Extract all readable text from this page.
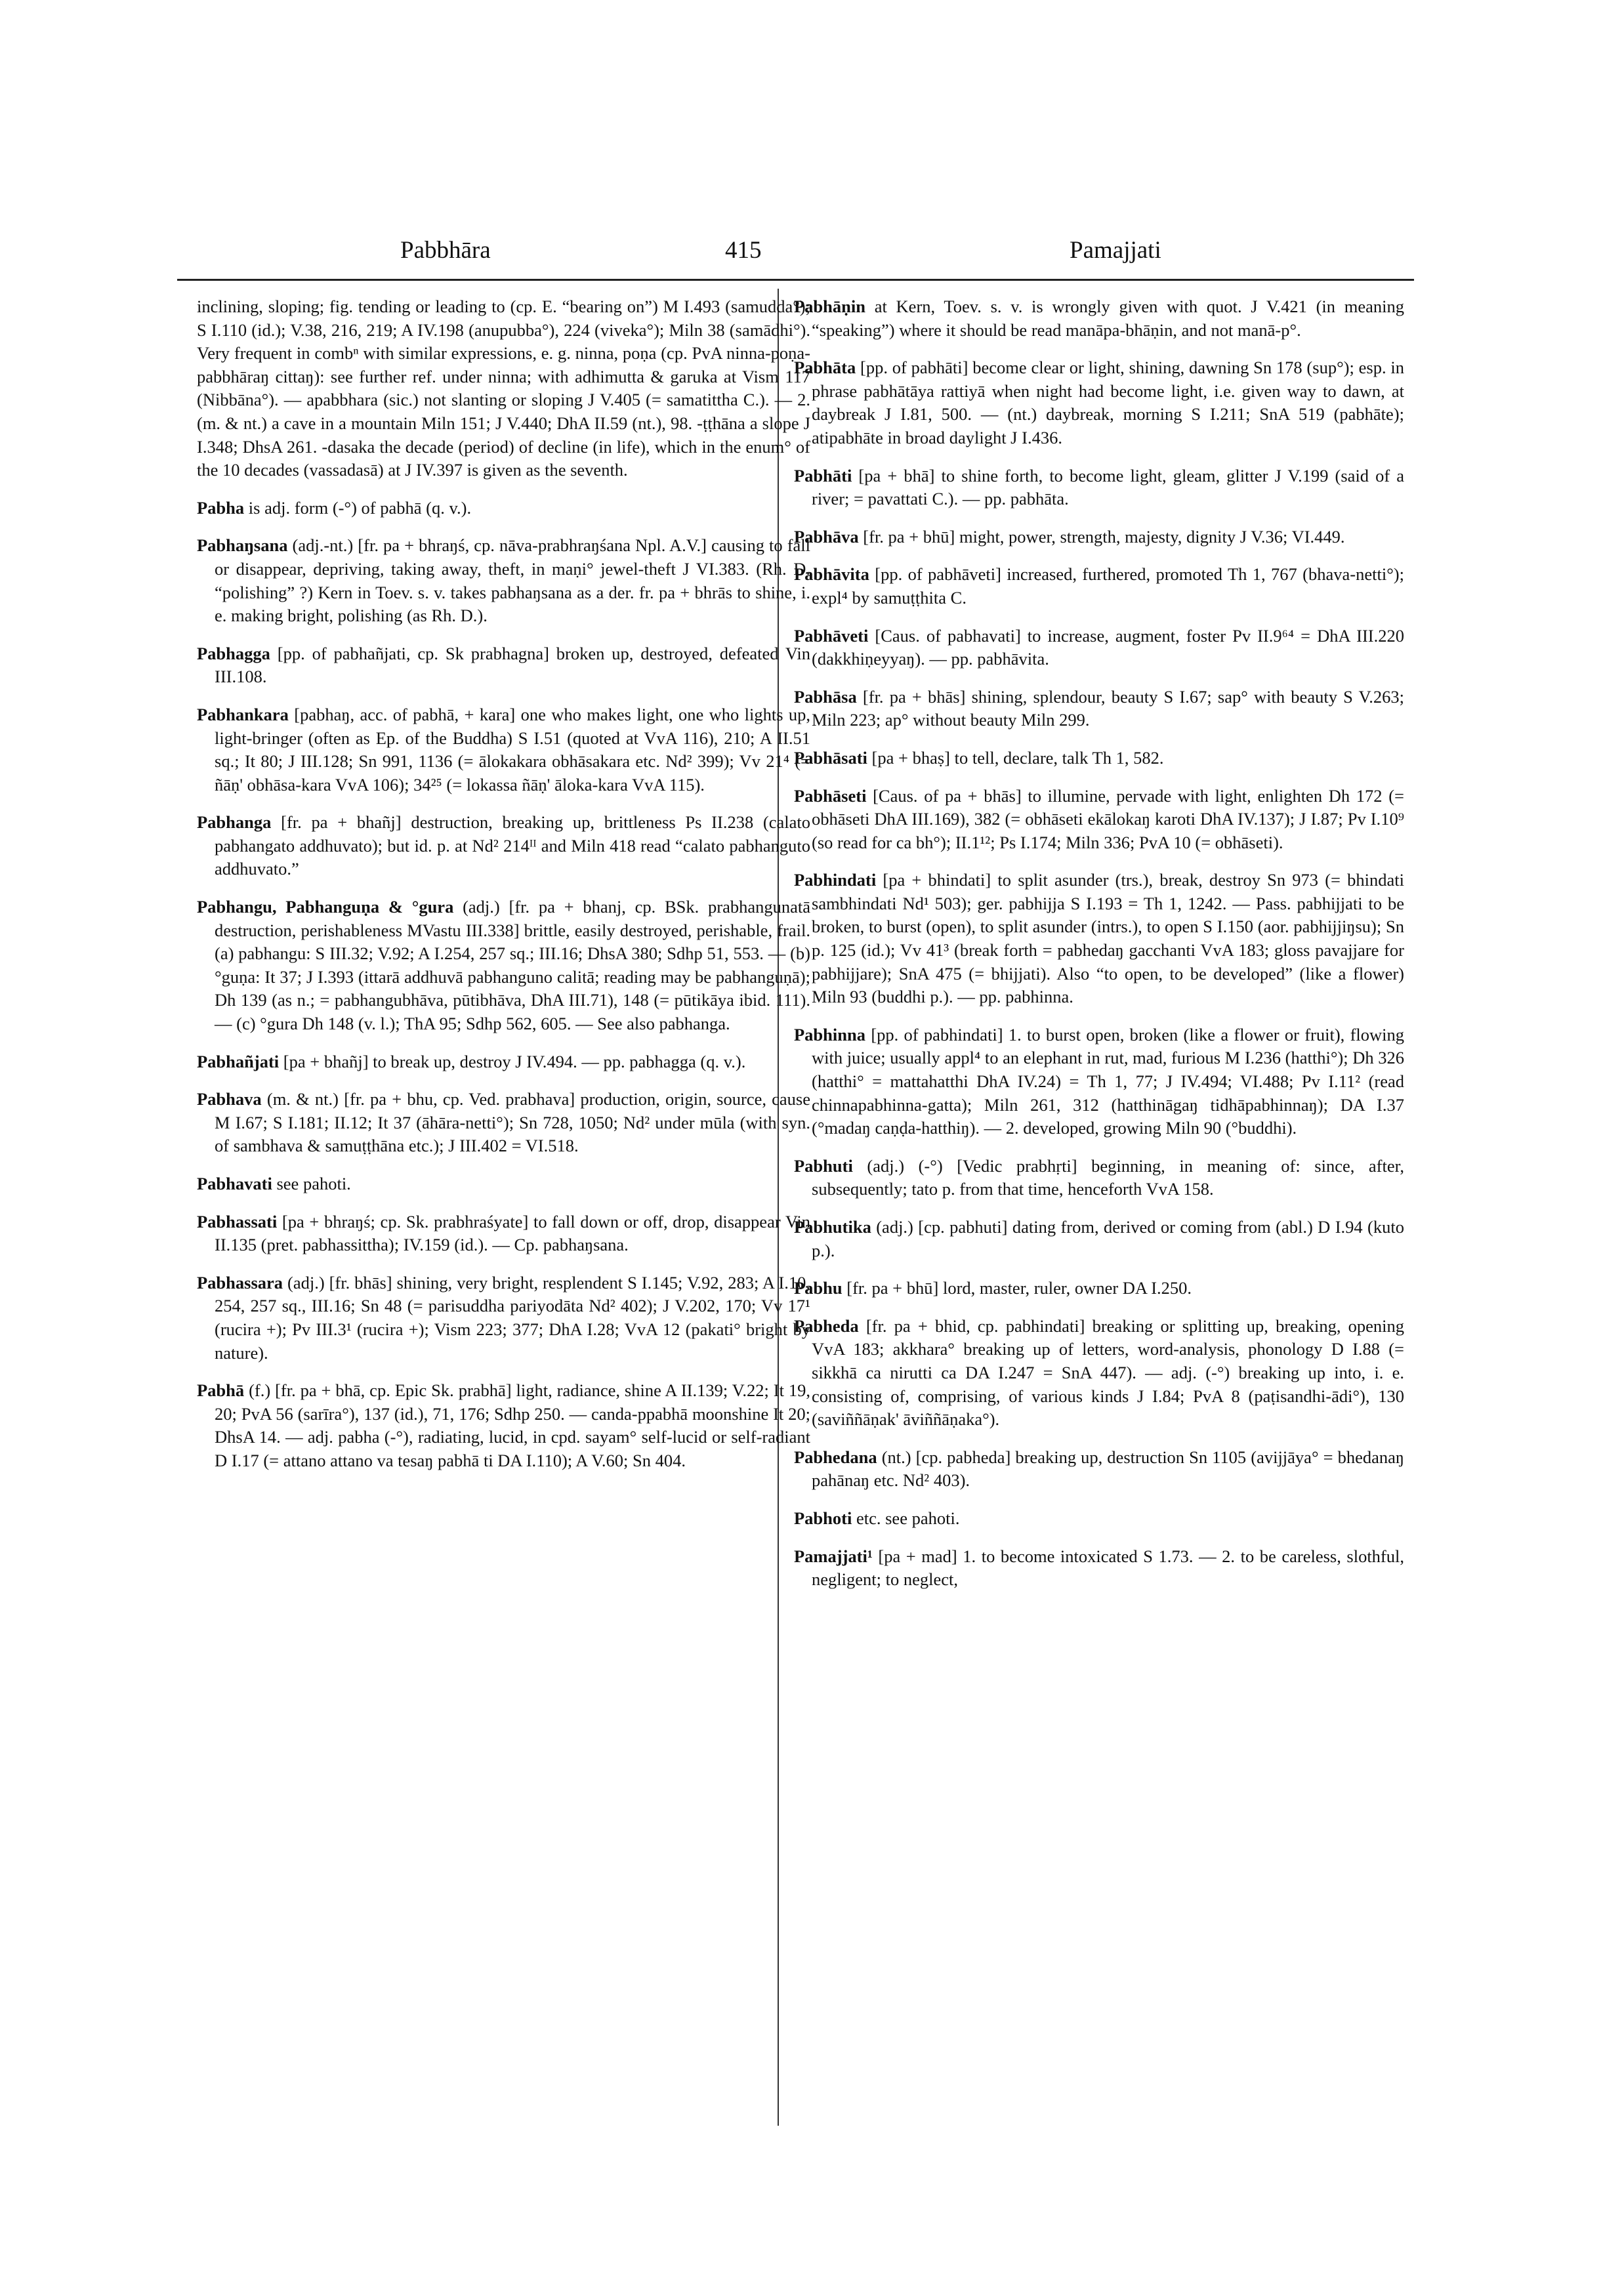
Pabbhāra	415	Pamajjati

inclining, sloping; fig. tending or leading to (cp. E. “bearing on”) M I.493 (samudda°); S I.110 (id.); V.38, 216, 219; A IV.198 (anupubba°), 224 (viveka°); Miln 38 (samādhi°). Very frequent in combⁿ with similar expressions, e. g. ninna, poṇa (cp. PvA ninna-poṇa-pabbhāraŋ cittaŋ): see further ref. under ninna; with adhimutta & garuka at Vism 117 (Nibbāna°). — apabbhara (sic.) not slanting or sloping J V.405 (= samatittha C.). — 2. (m. & nt.) a cave in a mountain Miln 151; J V.440; DhA II.59 (nt.), 98. -ṭṭhāna a slope J I.348; DhsA 261. -dasaka the decade (period) of decline (in life), which in the enum° of the 10 decades (vassadasā) at J IV.397 is given as the seventh.

Pabha is adj. form (-°) of pabhā (q. v.).

Pabhaŋsana (adj.-nt.) [fr. pa + bhraŋś, cp. nāva-prabhraŋśana Npl. A.V.] causing to fall or disappear, depriving, taking away, theft, in maṇi° jewel-theft J VI.383. (Rh. D. “polishing” ?) Kern in Toev. s. v. takes pabhaŋsana as a der. fr. pa + bhrās to shine, i. e. making bright, polishing (as Rh. D.).

Pabhagga [pp. of pabhañjati, cp. Sk prabhagna] broken up, destroyed, defeated Vin III.108.

Pabhankara [pabhaŋ, acc. of pabhā, + kara] one who makes light, one who lights up, light-bringer (often as Ep. of the Buddha) S I.51 (quoted at VvA 116), 210; A II.51 sq.; It 80; J III.128; Sn 991, 1136 (= ālokakara obhāsakara etc. Nd² 399); Vv 21⁴ (= ñāṇ' obhāsa-kara VvA 106); 34²⁵ (= lokassa ñāṇ' āloka-kara VvA 115).

Pabhanga [fr. pa + bhañj] destruction, breaking up, brittleness Ps II.238 (calato pabhangato addhuvato); but id. p. at Nd² 214ᴵᴵ and Miln 418 read “calato pabhanguto addhuvato.”

Pabhangu, Pabhanguṇa & °gura (adj.) [fr. pa + bhanj, cp. BSk. prabhangunatā destruction, perishableness MVastu III.338] brittle, easily destroyed, perishable, frail. (a) pabhangu: S III.32; V.92; A I.254, 257 sq.; III.16; DhsA 380; Sdhp 51, 553. — (b) °guṇa: It 37; J I.393 (ittarā addhuvā pabhanguno calitā; reading may be pabhanguṇā); Dh 139 (as n.; = pabhangubhāva, pūtibhāva, DhA III.71), 148 (= pūtikāya ibid. 111). — (c) °gura Dh 148 (v. l.); ThA 95; Sdhp 562, 605. — See also pabhanga.

Pabhañjati [pa + bhañj] to break up, destroy J IV.494. — pp. pabhagga (q. v.).

Pabhava (m. & nt.) [fr. pa + bhu, cp. Ved. prabhava] production, origin, source, cause M I.67; S I.181; II.12; It 37 (āhāra-netti°); Sn 728, 1050; Nd² under mūla (with syn. of sambhava & samuṭṭhāna etc.); J III.402 = VI.518.

Pabhavati see pahoti.

Pabhassati [pa + bhraŋś; cp. Sk. prabhraśyate] to fall down or off, drop, disappear Vin II.135 (pret. pabhassittha); IV.159 (id.). — Cp. pabhaŋsana.

Pabhassara (adj.) [fr. bhās] shining, very bright, resplendent S I.145; V.92, 283; A I.10, 254, 257 sq., III.16; Sn 48 (= parisuddha pariyodāta Nd² 402); J V.202, 170; Vv 17¹ (rucira +); Pv III.3¹ (rucira +); Vism 223; 377; DhA I.28; VvA 12 (pakati° bright by nature).

Pabhā (f.) [fr. pa + bhā, cp. Epic Sk. prabhā] light, radiance, shine A II.139; V.22; It 19, 20; PvA 56 (sarīra°), 137 (id.), 71, 176; Sdhp 250. — canda-ppabhā moonshine It 20; DhsA 14. — adj. pabha (-°), radiating, lucid, in cpd. sayam° self-lucid or self-radiant D I.17 (= attano attano va tesaŋ pabhā ti DA I.110); A V.60; Sn 404.

Pabhāṇin at Kern, Toev. s. v. is wrongly given with quot. J V.421 (in meaning “speaking”) where it should be read manāpa-bhāṇin, and not manā-p°.

Pabhāta [pp. of pabhāti] become clear or light, shining, dawning Sn 178 (sup°); esp. in phrase pabhātāya rattiyā when night had become light, i.e. given way to dawn, at daybreak J I.81, 500. — (nt.) daybreak, morning S I.211; SnA 519 (pabhāte); atipabhāte in broad daylight J I.436.

Pabhāti [pa + bhā] to shine forth, to become light, gleam, glitter J V.199 (said of a river; = pavattati C.). — pp. pabhāta.

Pabhāva [fr. pa + bhū] might, power, strength, majesty, dignity J V.36; VI.449.

Pabhāvita [pp. of pabhāveti] increased, furthered, promoted Th 1, 767 (bhava-netti°); expl⁴ by samuṭṭhita C.

Pabhāveti [Caus. of pabhavati] to increase, augment, foster Pv II.9⁶⁴ = DhA III.220 (dakkhiṇeyyaŋ). — pp. pabhāvita.

Pabhāsa [fr. pa + bhās] shining, splendour, beauty S I.67; sap° with beauty S V.263; Miln 223; ap° without beauty Miln 299.

Pabhāsati [pa + bhaṣ] to tell, declare, talk Th 1, 582.

Pabhāseti [Caus. of pa + bhās] to illumine, pervade with light, enlighten Dh 172 (= obhāseti DhA III.169), 382 (= obhāseti ekālokaŋ karoti DhA IV.137); J I.87; Pv I.10⁹ (so read for ca bh°); II.1¹²; Ps I.174; Miln 336; PvA 10 (= obhāseti).

Pabhindati [pa + bhindati] to split asunder (trs.), break, destroy Sn 973 (= bhindati sambhindati Nd¹ 503); ger. pabhijja S I.193 = Th 1, 1242. — Pass. pabhijjati to be broken, to burst (open), to split asunder (intrs.), to open S I.150 (aor. pabhijjiŋsu); Sn p. 125 (id.); Vv 41³ (break forth = pabhedaŋ gacchanti VvA 183; gloss pavajjare for pabhijjare); SnA 475 (= bhijjati). Also “to open, to be developed” (like a flower) Miln 93 (buddhi p.). — pp. pabhinna.

Pabhinna [pp. of pabhindati] 1. to burst open, broken (like a flower or fruit), flowing with juice; usually appl⁴ to an elephant in rut, mad, furious M I.236 (hatthi°); Dh 326 (hatthi° = mattahatthi DhA IV.24) = Th 1, 77; J IV.494; VI.488; Pv I.11² (read chinnapabhinna-gatta); Miln 261, 312 (hatthināgaŋ tidhāpabhinnaŋ); DA I.37 (°madaŋ caṇḍa-hatthiŋ). — 2. developed, growing Miln 90 (°buddhi).

Pabhuti (adj.) (-°) [Vedic prabhṛti] beginning, in meaning of: since, after, subsequently; tato p. from that time, henceforth VvA 158.

Pabhutika (adj.) [cp. pabhuti] dating from, derived or coming from (abl.) D I.94 (kuto p.).

Pabhu [fr. pa + bhū] lord, master, ruler, owner DA I.250.

Pabheda [fr. pa + bhid, cp. pabhindati] breaking or splitting up, breaking, opening VvA 183; akkhara° breaking up of letters, word-analysis, phonology D I.88 (= sikkhā ca nirutti ca DA I.247 = SnA 447). — adj. (-°) breaking up into, i. e. consisting of, comprising, of various kinds J I.84; PvA 8 (paṭisandhi-ādi°), 130 (saviññāṇak' āviññāṇaka°).

Pabhedana (nt.) [cp. pabheda] breaking up, destruction Sn 1105 (avijjāya° = bhedanaŋ pahānaŋ etc. Nd² 403).

Pabhoti etc. see pahoti.

Pamajjati¹ [pa + mad] 1. to become intoxicated S 1.73. — 2. to be careless, slothful, negligent; to neglect,
